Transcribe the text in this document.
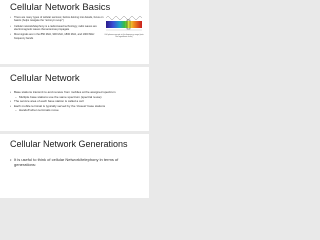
Cellular Network Basics
• There are many types of cellular services; before delving into details, focus on basics (helps navigate the "acronym soup")
• Cellular network/telephony is a radio-based technology; radio waves are electromagnetic waves that antennas propagate
• Most signals are in the 850 MHz, 900 MHz, 1800 MHz, and 1900 MHz frequency bands
Cell phones operate in this frequency range (note the logarithmic scale)
Cellular Network
• Base stations transmit to and receive from mobiles at the assigned spectrum
– Multiple base stations use the same spectrum (spectral reuse)
• The service area of each base station is called a cell
• Each mobile terminal is typically served by the 'closest' base stations
– Handoff when terminals move
Cellular Network Generations
• It is useful to think of cellular Network/telephony in terms of generations:
